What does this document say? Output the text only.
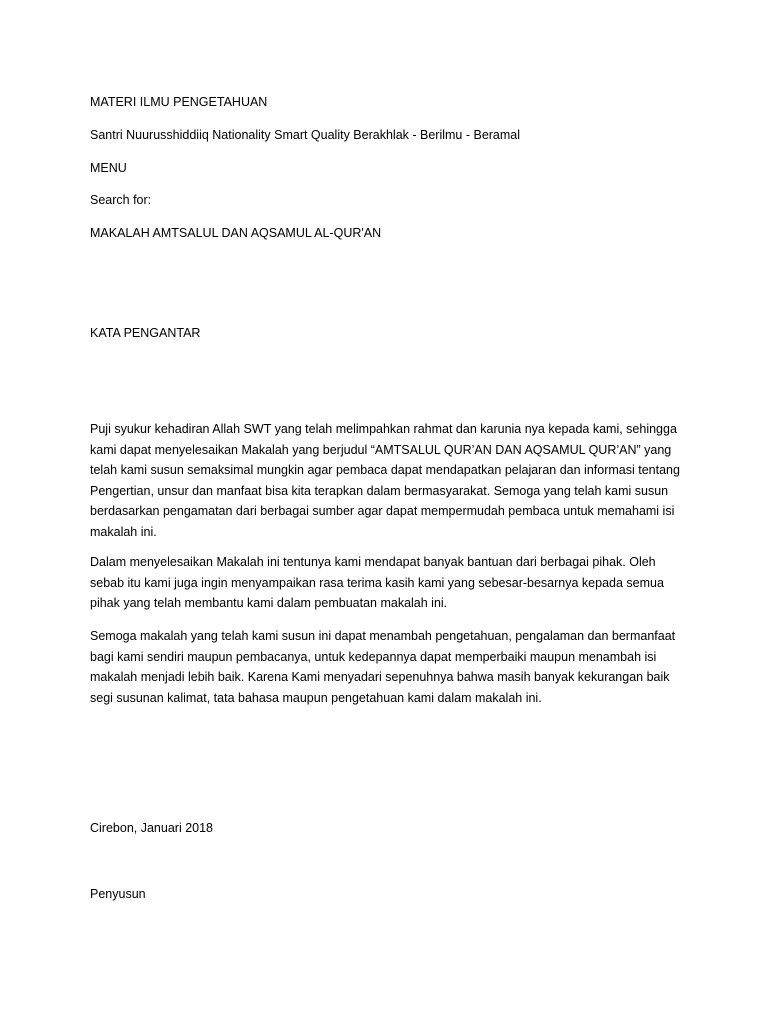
MATERI ILMU PENGETAHUAN
Santri Nuurusshiddiiq Nationality Smart Quality Berakhlak - Berilmu - Beramal
MENU
Search for:
MAKALAH AMTSALUL DAN AQSAMUL AL-QUR'AN
KATA PENGANTAR

Puji syukur kehadiran Allah SWT yang telah melimpahkan rahmat dan karunia nya kepada kami, sehingga kami dapat menyelesaikan Makalah yang berjudul “AMTSALUL QUR’AN DAN AQSAMUL QUR’AN” yang telah kami susun semaksimal mungkin agar pembaca dapat mendapatkan pelajaran dan informasi tentang Pengertian, unsur dan manfaat bisa kita terapkan dalam bermasyarakat. Semoga yang telah kami susun berdasarkan pengamatan dari berbagai sumber agar dapat mempermudah pembaca untuk memahami isi makalah ini.

Dalam menyelesaikan Makalah ini tentunya kami mendapat banyak bantuan dari berbagai pihak. Oleh sebab itu kami juga ingin menyampaikan rasa terima kasih kami yang sebesar-besarnya kepada semua pihak yang telah membantu kami dalam pembuatan makalah ini.

Semoga makalah yang telah kami susun ini dapat menambah pengetahuan, pengalaman dan bermanfaat bagi kami sendiri maupun pembacanya, untuk kedepannya dapat memperbaiki maupun menambah isi makalah menjadi lebih baik. Karena Kami menyadari sepenuhnya bahwa masih banyak kekurangan baik segi susunan kalimat, tata bahasa maupun pengetahuan kami dalam makalah ini.

Cirebon, Januari 2018
Penyusun
